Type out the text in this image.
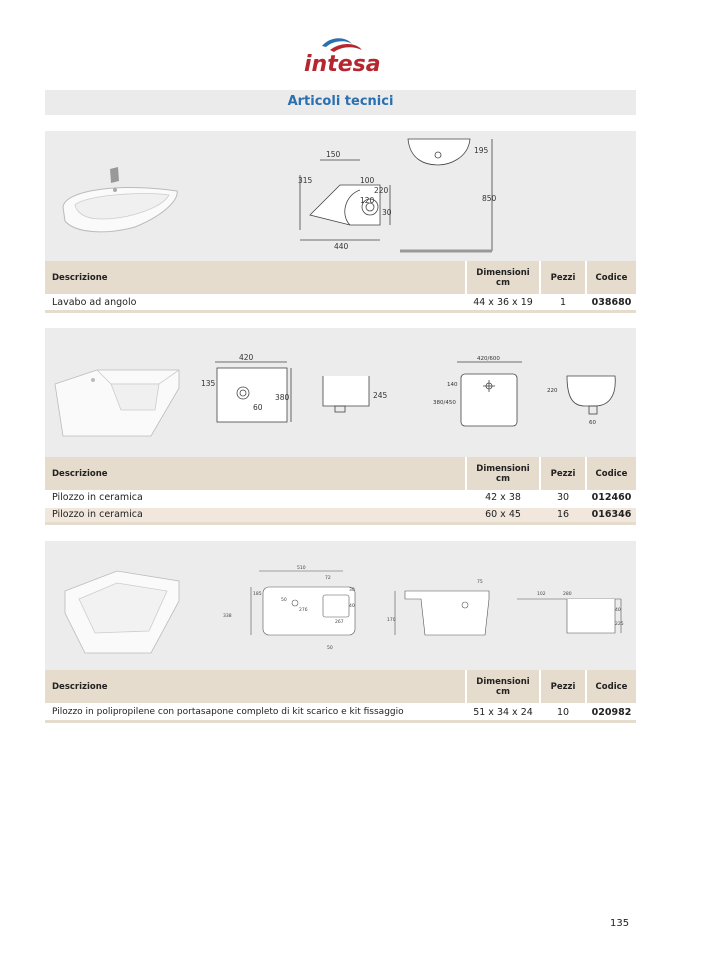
intesa
Articoli tecnici
150
315	100
220
120
30
440
195
850
Descrizione	Dimensioni
cm	Pezzi	Codice
Lavabo ad angolo	44 x 36 x 19	1	038680
420
135
380
60
245
420/600
140
380/450
220
60
Descrizione	Dimensioni
cm	Pezzi	Codice
Pilozzo in ceramica	42 x 38	30	012460
Pilozzo in ceramica	60 x 45	16	016346
510
72
185
338
50
276
30
40
267
50
75
170
280
102
40
225
Descrizione	Dimensioni
cm	Pezzi	Codice
Pilozzo in polipropilene con portasapone completo di kit scarico e kit fissaggio	51 x 34 x 24	10	020982
135
